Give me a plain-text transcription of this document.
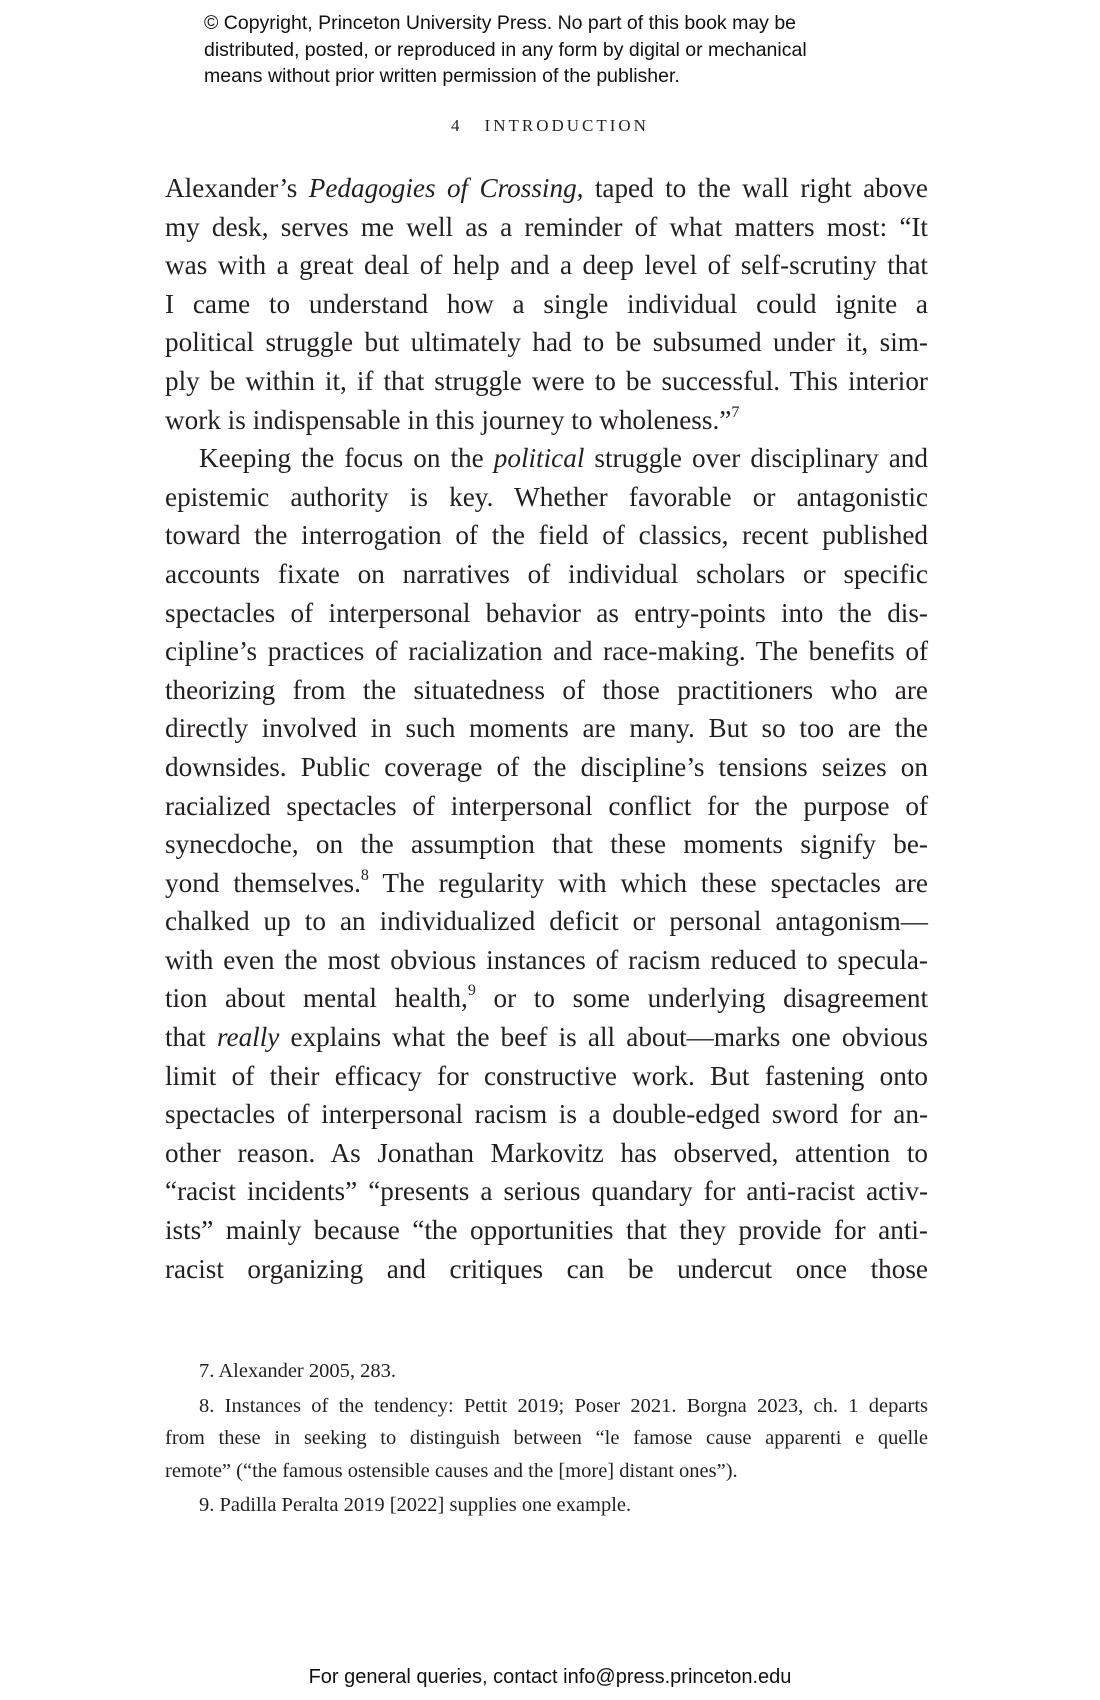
© Copyright, Princeton University Press. No part of this book may be
distributed, posted, or reproduced in any form by digital or mechanical
means without prior written permission of the publisher.
4 INTRODUCTION

Alexander’s Pedagogies of Crossing, taped to the wall right above
my desk, serves me well as a reminder of what matters most: “It
was with a great deal of help and a deep level of self-scrutiny that
I came to understand how a single individual could ignite a
political struggle but ultimately had to be subsumed under it, sim-
ply be within it, if that struggle were to be successful. This interior
work is indispensable in this journey to wholeness.”$^7$

Keeping the focus on the political struggle over disciplinary and
epistemic authority is key. Whether favorable or antagonistic
toward the interrogation of the field of classics, recent published
accounts fixate on narratives of individual scholars or specific
spectacles of interpersonal behavior as entry-points into the dis-
cipline’s practices of racialization and race-making. The benefits of
theorizing from the situatedness of those practitioners who are
directly involved in such moments are many. But so too are the
downsides. Public coverage of the discipline’s tensions seizes on
racialized spectacles of interpersonal conflict for the purpose of
synecdoche, on the assumption that these moments signify be-
yond themselves.$^8$ The regularity with which these spectacles are
chalked up to an individualized deficit or personal antagonism—
with even the most obvious instances of racism reduced to specula-
tion about mental health,$^9$ or to some underlying disagreement
that really explains what the beef is all about—marks one obvious
limit of their efficacy for constructive work. But fastening onto
spectacles of interpersonal racism is a double-edged sword for an-
other reason. As Jonathan Markovitz has observed, attention to
“racist incidents” “presents a serious quandary for anti-racist activ-
ists” mainly because “the opportunities that they provide for anti-
racist organizing and critiques can be undercut once those

7. Alexander 2005, 283.
8. Instances of the tendency: Pettit 2019; Poser 2021. Borgna 2023, ch. 1 departs
from these in seeking to distinguish between “le famose cause apparenti e quelle
remote” (“the famous ostensible causes and the [more] distant ones”).
9. Padilla Peralta 2019 [2022] supplies one example.
For general queries, contact info@press.princeton.edu
